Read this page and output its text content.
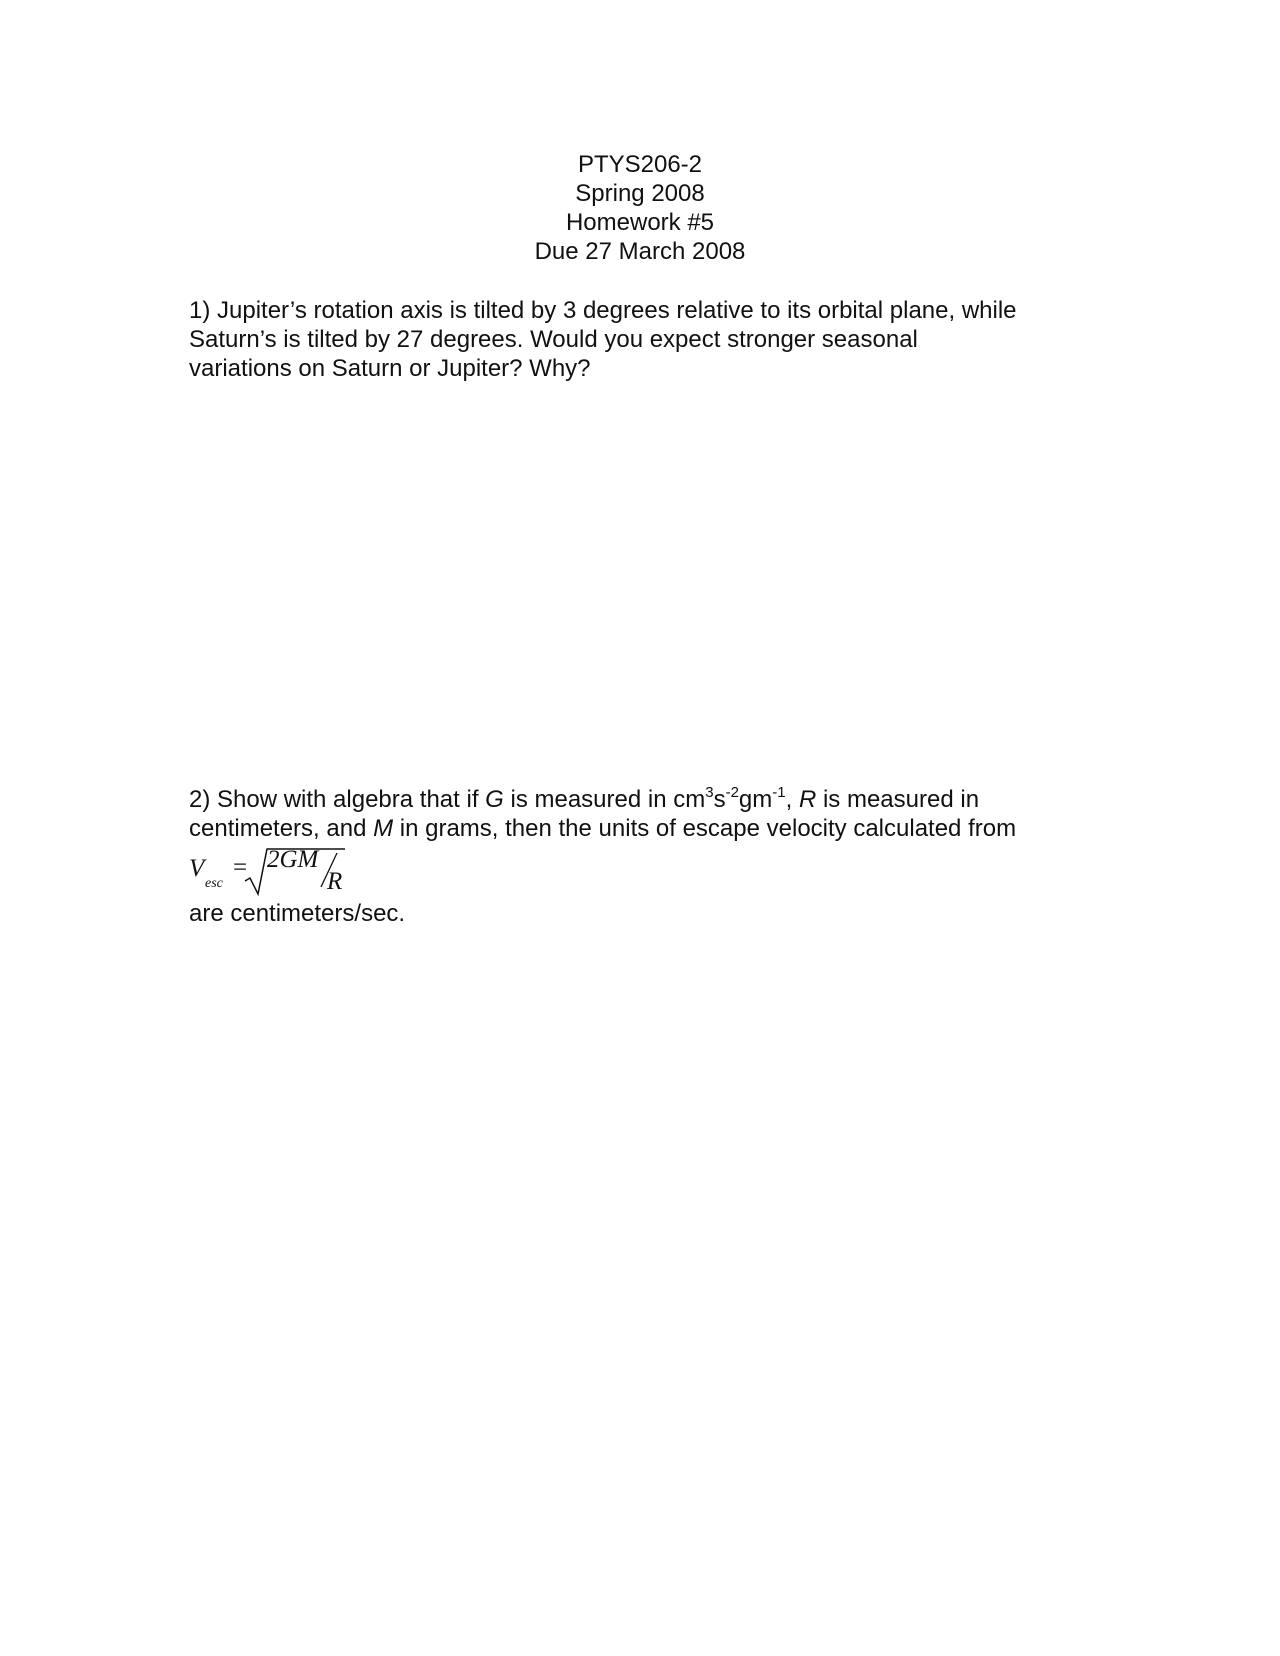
PTYS206-2
Spring 2008
Homework #5
Due 27 March 2008
1) Jupiter’s rotation axis is tilted by 3 degrees relative to its orbital plane, while
Saturn’s is tilted by 27 degrees. Would you expect stronger seasonal
variations on Saturn or Jupiter? Why?
2) Show with algebra that if G is measured in $cm^3s^{-2}gm^{-1}$, R is measured in
centimeters, and M in grams, then the units of escape velocity calculated from
V
esc
= 2GM
R
are centimeters/sec.
